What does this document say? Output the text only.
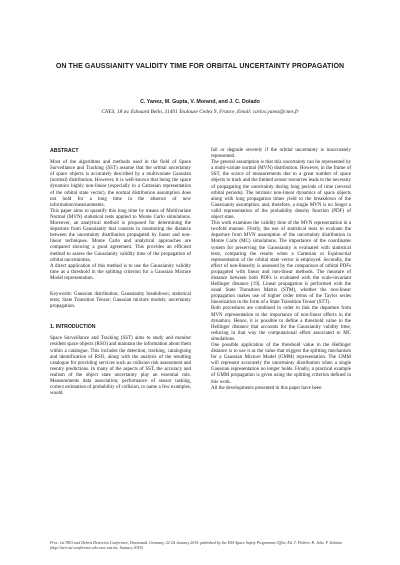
ON THE GAUSSIANITY VALIDITY TIME FOR ORBITAL UNCERTAINTY PROPAGATION
C. Yanez, M. Gupta, V. Morand, and J. C. Dolado
CNES, 18 av. Edouard Belin, 31401 Toulouse Cedex 9, France, Email: carlos.yanez@cnes.fr
ABSTRACT
Most of the algorithms and methods used in the field of Space Surveillance and Tracking (SST) assume that the orbital uncertainty of space objects is accurately described by a multivariate Gaussian (normal) distribution. However, it is well-known that being the space dynamics highly non-linear (especially in a Cartesian representation of the orbital state vector), the normal distribution assumption does not hold for a long time in the absence of new information/measurements.
This paper aims to quantify this long time by means of Multivariate Normal (MVN) statistical tests applied to Monte Carlo simulations. Moreover, an analytical method is proposed for determining the departure from Gaussianity that consists in monitoring the distance between the uncertainty distribution propagated by linear and non-linear techniques. Monte Carlo and analytical approaches are compared showing a good agreement. This provides an efficient method to assess the Gaussianity validity time of the propagation of orbital uncertainties.
A direct application of this method is to use the Gaussianity validity time as a threshold in the splitting criterion for a Gaussian Mixture Model representation.
Keywords: Gaussian distribution; Gaussianity breakdown; statistical tests; State Transition Tensor; Gaussian mixture models; uncertainty propagation.
1. INTRODUCTION
Space Surveillance and Tracking (SST) aims to study and monitor resident space objects (RSO) and maintain the information about them within a catalogue. This includes the detection, tracking, cataloguing and identification of RSO, along with the analysis of the resulting catalogue for providing services such as collision risk assessment and reentry predictions. In many of the aspects of SST, the accuracy and realism of the object state uncertainty play an essential role. Measurements data association, performance of sensor tasking, correct estimation of probability of collision, to name a few examples, would
fail or degrade severely if the orbital uncertainty is inaccurately represented.
The general assumption is that this uncertainty can be represented by a multi-variate normal (MVN) distribution. However, in the frame of SST, the scarce of measurements due to a great number of space objects to track and the limited sensor resources leads to the necessity of propagating the uncertainty during long periods of time (several orbital periods). The intrinsic non-linear dynamics of space objects along with long propagation times yield to the breakdown of the Gaussianity assumption, and, therefore, a single MVN is no longer a valid representation of the probability density function (PDF) of object state.
This work examines the validity time of the MVN representation in a twofold manner. Firstly, the use of statistical tests to evaluate the departure from MVN assumption of the uncertainty distribution in Monte Carlo (MC) simulations. The importance of the coordinates system for preserving the Gaussianity is evaluated with statistical tests, comparing the results when a Cartesian or Equinoctial representation of the orbital state vector is employed. Secondly, the effect of non-linearity is assessed by the comparison of orbital PDFs propagated with linear and non-linear methods. The measure of distance between both PDFs is evaluated with the scale-invariant Hellinger distance [19]. Linear propagation is performed with the usual State Transition Matrix (STM), whether the non-linear propagation makes use of higher order terms of the Taylor series linearization in the form of a State Transition Tensor (STT).
Both procedures are combined in order to link the departure from MVN representation to the importance of non-linear effects in the dynamics. Hence, it is possible to define a threshold value in the Hellinger distance that accounts for the Gaussianity validity time, reducing in that way the computational effort associated to MC simulations.
One possible application of the threshold value in the Hellinger distance is to use it as the value that triggers the splitting mechanism for a Gaussian Mixture Model (GMM) representation. The GMM will represent accurately the uncertainty distribution when a single Gaussian representation no longer holds. Finally, a practical example of GMM propagation is given using the splitting criterion defined in this work.
All the developments presented in this paper have been
Proc. 1st NEO and Debris Detection Conference, Darmstadt, Germany, 22-24 January 2019, published by the ESA Space Safety Programme Office Ed. T. Flohrer, R. Jehn, F. Schmitz (http://neo-sst-conference.sdo.esoc.esa.int, January 2019)
